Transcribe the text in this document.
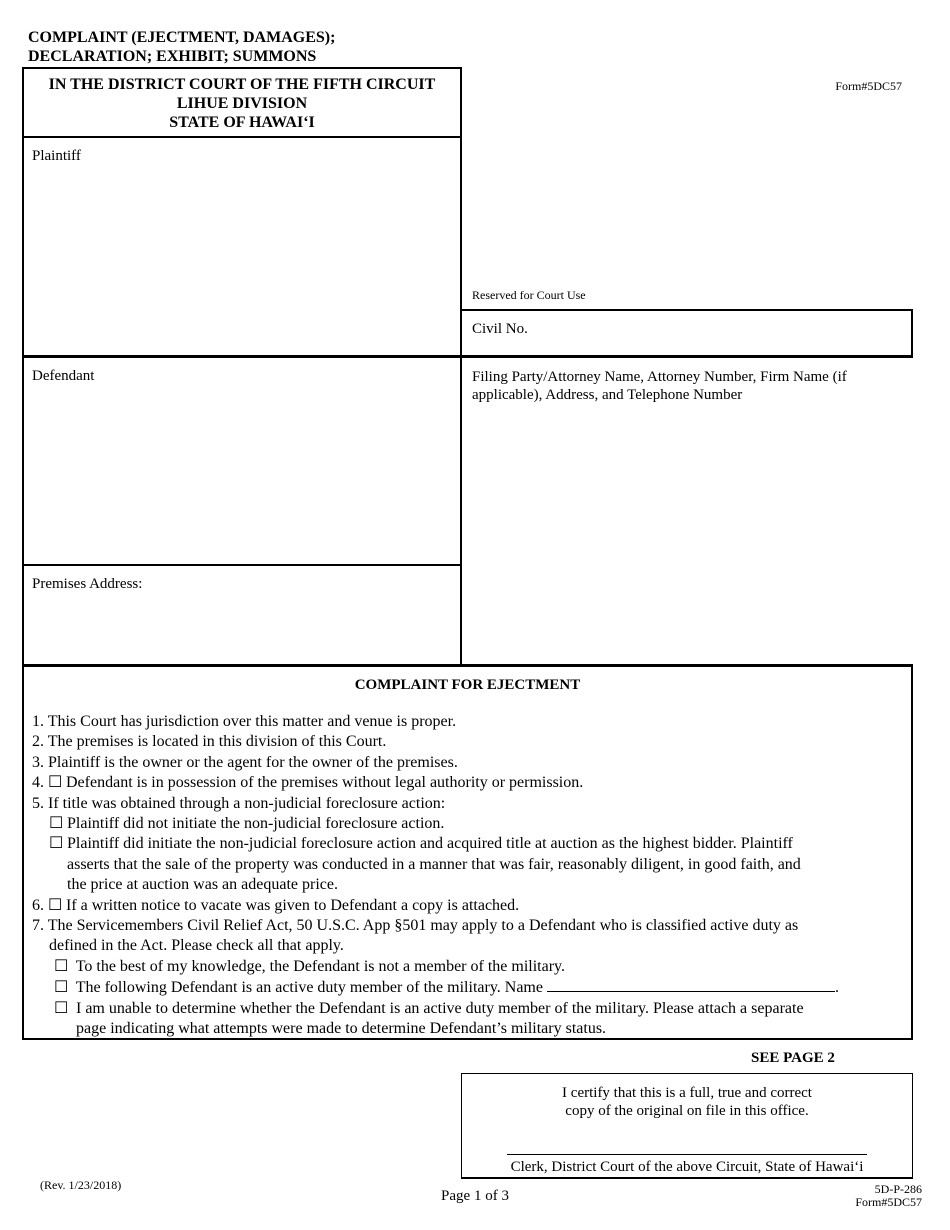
COMPLAINT (EJECTMENT, DAMAGES);
DECLARATION; EXHIBIT; SUMMONS
Form#5DC57
IN THE DISTRICT COURT OF THE FIFTH CIRCUIT
LIHUE DIVISION
STATE OF HAWAI‘I
Plaintiff
Reserved for Court Use
Civil No.
Defendant	Filing Party/Attorney Name, Attorney Number, Firm Name (if applicable), Address, and Telephone Number
Premises Address:
COMPLAINT FOR EJECTMENT
1. This Court has jurisdiction over this matter and venue is proper.
2. The premises is located in this division of this Court.
3. Plaintiff is the owner or the agent for the owner of the premises.
4. ☐ Defendant is in possession of the premises without legal authority or permission.
5. If title was obtained through a non-judicial foreclosure action:
☐ Plaintiff did not initiate the non-judicial foreclosure action.
☐ Plaintiff did initiate the non-judicial foreclosure action and acquired title at auction as the highest bidder. Plaintiff
asserts that the sale of the property was conducted in a manner that was fair, reasonably diligent, in good faith, and
the price at auction was an adequate price.
6. ☐ If a written notice to vacate was given to Defendant a copy is attached.
7. The Servicemembers Civil Relief Act, 50 U.S.C. App §501 may apply to a Defendant who is classified active duty as
defined in the Act. Please check all that apply.
☐ To the best of my knowledge, the Defendant is not a member of the military.
☐ The following Defendant is an active duty member of the military. Name	.
☐ I am unable to determine whether the Defendant is an active duty member of the military. Please attach a separate
page indicating what attempts were made to determine Defendant’s military status.
SEE PAGE 2
I certify that this is a full, true and correct
copy of the original on file in this office.
Clerk, District Court of the above Circuit, State of Hawai‘i
(Rev. 1/23/2018)
Page 1 of 3	5D-P-286
Form#5DC57
